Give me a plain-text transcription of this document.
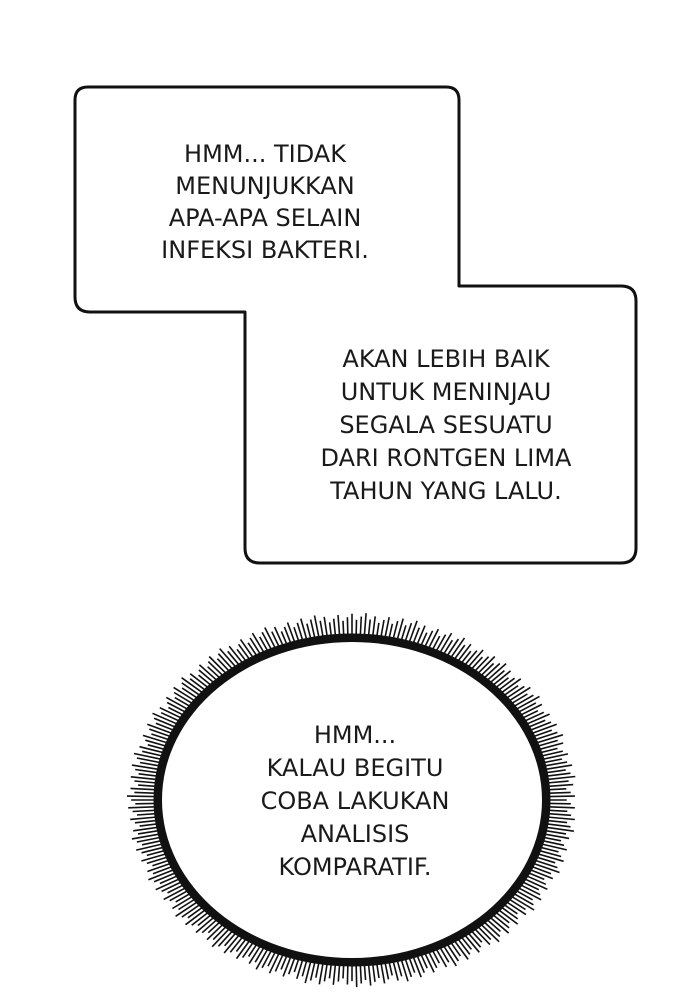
HMM... TIDAK
MENUNJUKKAN
APA-APA SELAIN
INFEKSI BAKTERI.
AKAN LEBIH BAIK
UNTUK MENINJAU
SEGALA SESUATU
DARI RONTGEN LIMA
TAHUN YANG LALU.
HMM...
KALAU BEGITU
COBA LAKUKAN
ANALISIS
KOMPARATIF.
